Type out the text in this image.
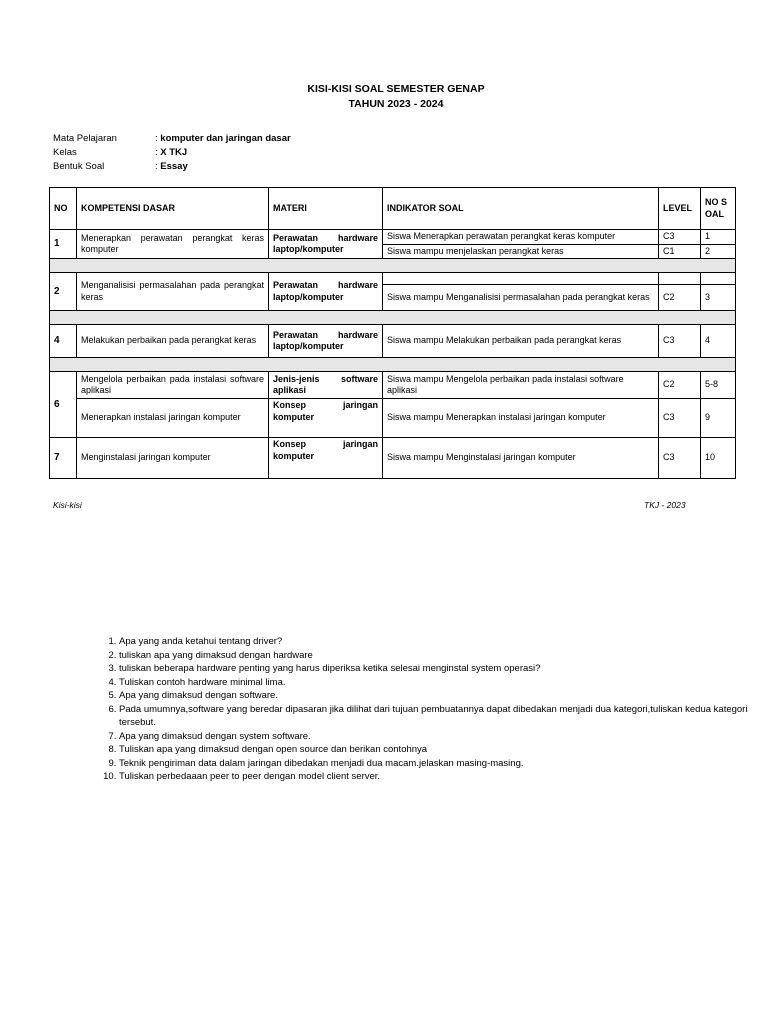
KISI-KISI SOAL SEMESTER GENAP
TAHUN 2023 - 2024
Mata Pelajaran	: komputer dan jaringan dasar
Kelas	: X TKJ
Bentuk Soal	: Essay
NO	KOMPETENSI DASAR	MATERI	INDIKATOR SOAL	LEVEL	NO SOAL
1	Menerapkan perawatan perangkat keras komputer	Perawatan hardware laptop/komputer	Siswa Menerapkan perawatan perangkat keras komputer	C3	1
			Siswa mampu menjelaskan perangkat keras	C1	2

2	Menganalisisi permasalahan pada perangkat keras	Perawatan hardware laptop/komputer			
			Siswa mampu Menganalisisi permasalahan pada perangkat keras	C2	3

4	Melakukan perbaikan pada perangkat keras	Perawatan hardware laptop/komputer	Siswa mampu Melakukan perbaikan pada perangkat keras	C3	4

6	Mengelola perbaikan pada instalasi software aplikasi	Jenis-jenis software aplikasi	Siswa mampu Mengelola perbaikan pada instalasi software aplikasi	C2	5-8
	Menerapkan instalasi jaringan komputer	Konsep jaringan komputer	Siswa mampu Menerapkan instalasi jaringan komputer	C3	9
7	Menginstalasi jaringan komputer	Konsep jaringan komputer	Siswa mampu Menginstalasi jaringan komputer	C3	10
Kisi-kisi	TKJ - 2023
1. Apa yang anda ketahui tentang driver?
2. tuliskan apa yang dimaksud dengan hardware
3. tuliskan beberapa hardware penting yang harus diperiksa ketika selesai menginstal system operasi?
4. Tuliskan contoh hardware minimal lima.
5. Apa yang dimaksud dengan software.
6. Pada umumnya,software yang beredar dipasaran jika dilihat dari tujuan pembuatannya dapat dibedakan menjadi dua kategori,tuliskan kedua kategori tersebut.
7. Apa yang dimaksud dengan system software.
8. Tuliskan apa yang dimaksud dengan open source dan berikan contohnya
9. Teknik pengiriman data dalam jaringan dibedakan menjadi dua macam.jelaskan masing-masing.
10. Tuliskan perbedaaan peer to peer dengan model client server.
